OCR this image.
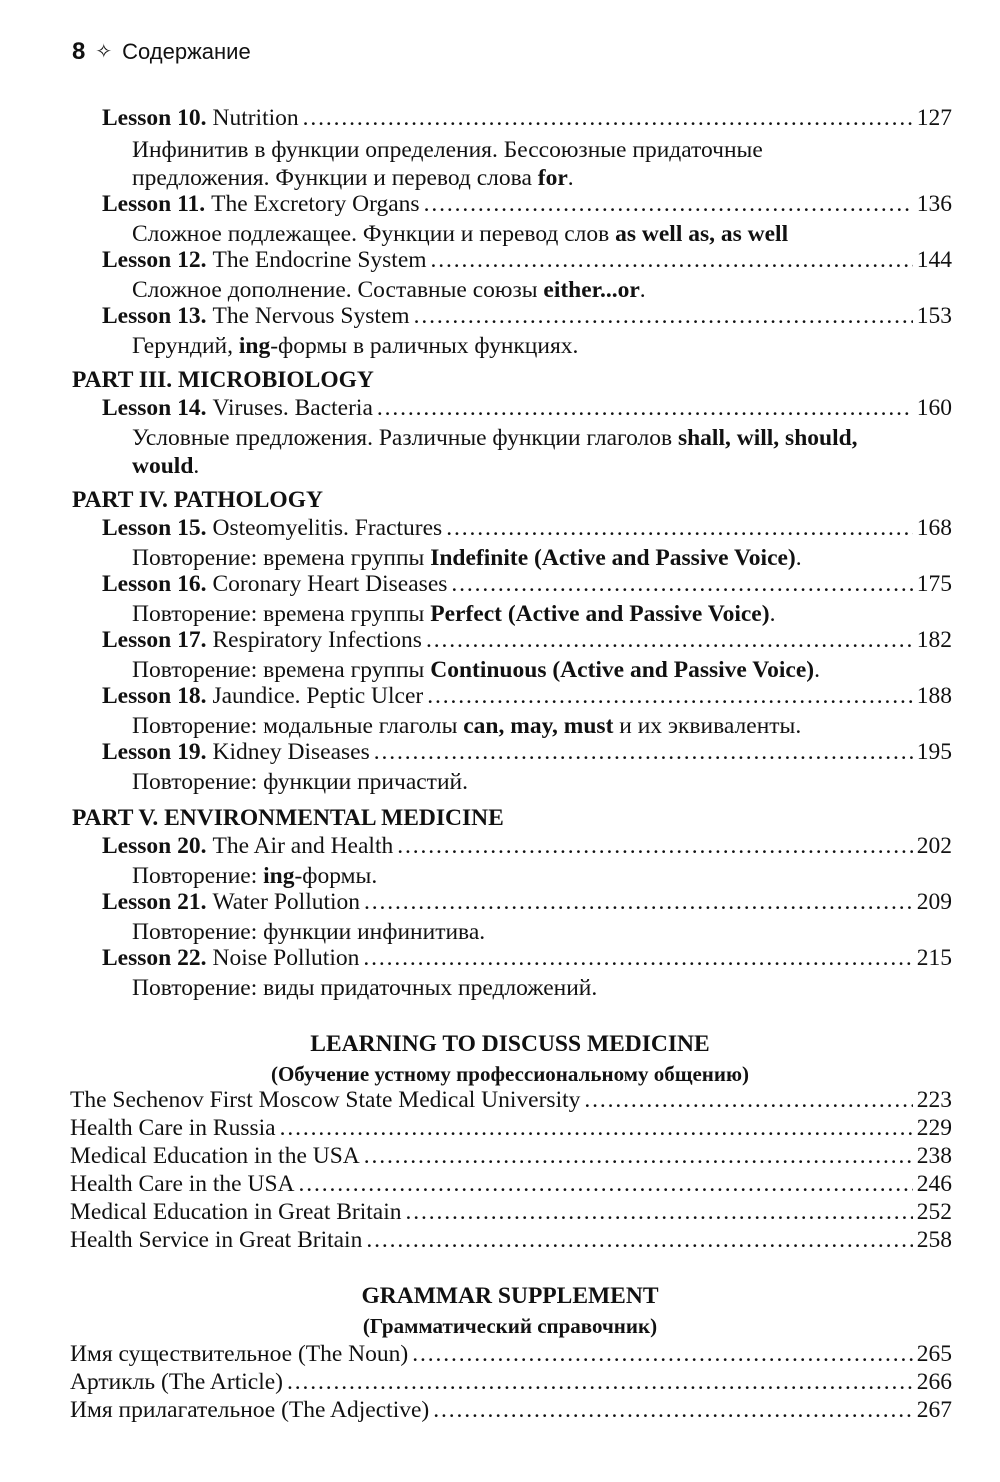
8 ✧ Содержание
Lesson 10. Nutrition . . .	127
Инфинитив в функции определения. Бессоюзные придаточные предложения. Функции и перевод слова for.
Lesson 11. The Excretory Organs . . .	136
Сложное подлежащее. Функции и перевод слов as well as, as well
Lesson 12. The Endocrine System . . .	144
Сложное дополнение. Составные союзы either...or.
Lesson 13. The Nervous System . . .	153
Герундий, ing-формы в раличных функциях.
PART III. MICROBIOLOGY
Lesson 14. Viruses. Bacteria . . .	160
Условные предложения. Различные функции глаголов shall, will, should, would.
PART IV. PATHOLOGY
Lesson 15. Osteomyelitis. Fractures . . .	168
Повторение: времена группы Indefinite (Active and Passive Voice).
Lesson 16. Coronary Heart Diseases . . .	175
Повторение: времена группы Perfect (Active and Passive Voice).
Lesson 17. Respiratory Infections . . .	182
Повторение: времена группы Continuous (Active and Passive Voice).
Lesson 18. Jaundice. Peptic Ulcer . . .	188
Повторение: модальные глаголы can, may, must и их эквиваленты.
Lesson 19. Kidney Diseases . . .	195
Повторение: функции причастий.
PART V. ENVIRONMENTAL MEDICINE
Lesson 20. The Air and Health . . .	202
Повторение: ing-формы.
Lesson 21. Water Pollution . . .	209
Повторение: функции инфинитива.
Lesson 22. Noise Pollution . . .	215
Повторение: виды придаточных предложений.
LEARNING TO DISCUSS MEDICINE
(Обучение устному профессиональному общению)
The Sechenov First Moscow State Medical University . . .	223
Health Care in Russia . . .	229
Medical Education in the USA . . .	238
Health Care in the USA . . .	246
Medical Education in Great Britain . . .	252
Health Service in Great Britain . . .	258
GRAMMAR SUPPLEMENT
(Грамматический справочник)
Имя существительное (The Noun) . . .	265
Артикль (The Article) . . .	266
Имя прилагательное (The Adjective) . . .	267
